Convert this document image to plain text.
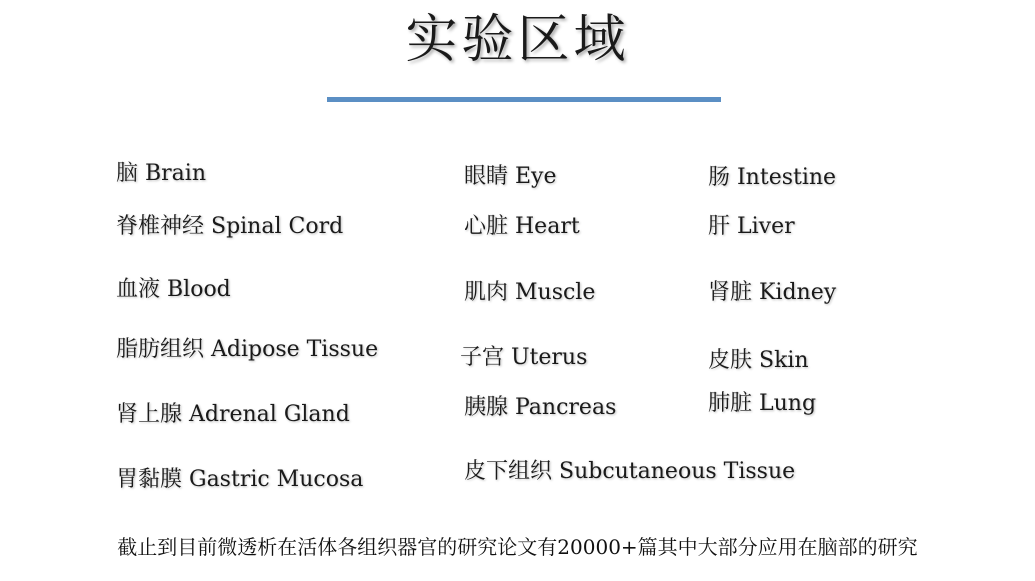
实验区域
脑 Brain
脊椎神经 Spinal Cord
血液 Blood
脂肪组织 Adipose Tissue
肾上腺 Adrenal Gland
胃黏膜 Gastric Mucosa
眼睛 Eye
心脏 Heart
肌肉 Muscle
子宫 Uterus
胰腺 Pancreas
皮下组织 Subcutaneous Tissue
肠 Intestine
肝 Liver
肾脏 Kidney
皮肤 Skin
肺脏 Lung
截止到目前微透析在活体各组织器官的研究论文有20000+篇其中大部分应用在脑部的研究
